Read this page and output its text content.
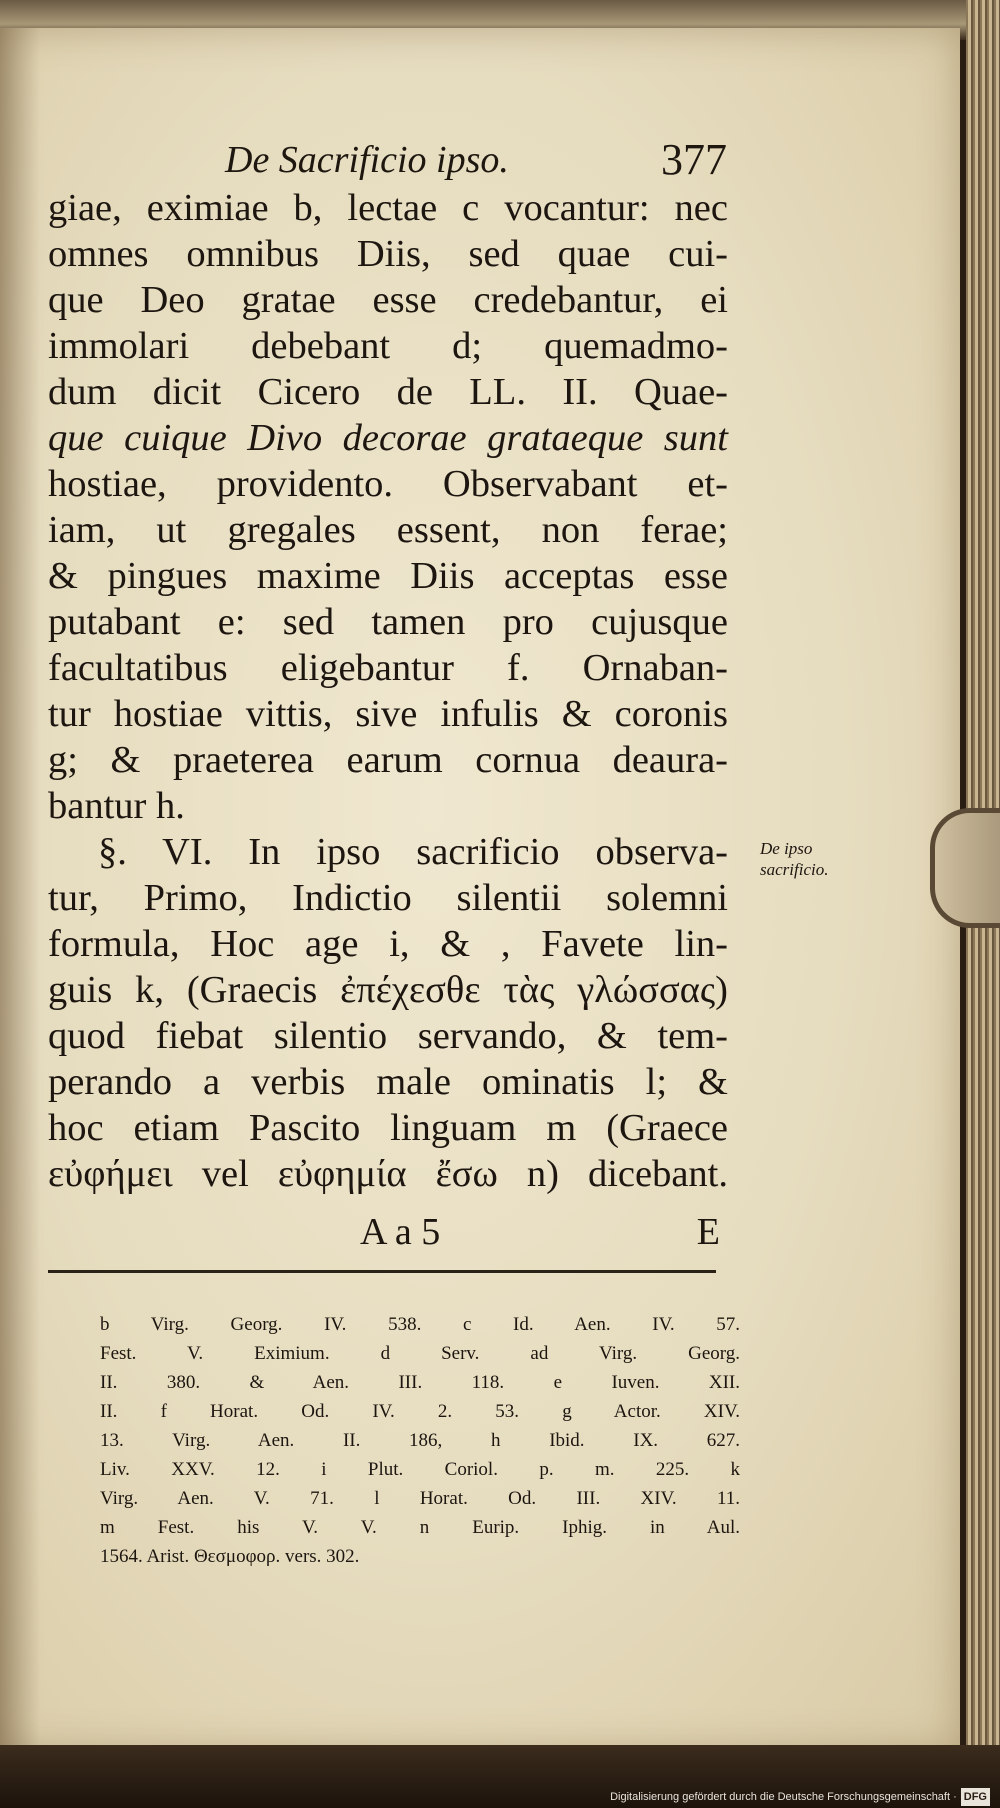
De Sacrificio ipso.	377
giae, eximiae b, lectae c vocantur: nec
omnes omnibus Diis, sed quae cui-
que Deo gratae esse credebantur, ei
immolari debebant d; quemadmo-
dum dicit Cicero de LL. II. Quae-
que cuique Divo decorae grataeque sunt
hostiae, providento. Observabant et-
iam, ut gregales essent, non ferae;
& pingues maxime Diis acceptas esse
putabant e: sed tamen pro cujusque
facultatibus eligebantur f. Ornaban-
tur hostiae vittis, sive infulis & coronis
g; & praeterea earum cornua deaura-
bantur h.
§. VI. In ipso sacrificio observa-
tur, Primo, Indictio silentii solemni
formula, Hoc age i, & , Favete lin-
guis k, (Graecis ἐπέχεσθε τὰς γλώσσας)
quod fiebat silentio servando, & tem-
perando a verbis male ominatis l; &
hoc etiam Pascito linguam m (Graece
εὐφήμει vel εὐφημία ἔσω n) dicebant.
De ipso sacrificio.
A a 5	E
b Virg. Georg. IV. 538. c Id. Aen. IV. 57.
Fest. V. Eximium. d Serv. ad Virg. Georg.
II. 380. & Aen. III. 118. e Iuven. XII.
II. f Horat. Od. IV. 2. 53. g Actor. XIV.
13. Virg. Aen. II. 186, h Ibid. IX. 627.
Liv. XXV. 12. i Plut. Coriol. p. m. 225. k
Virg. Aen. V. 71. l Horat. Od. III. XIV. 11.
m Fest. his V. V. n Eurip. Iphig. in Aul.
1564. Arist. Θεσμοφορ. vers. 302.
Digitalisierung gefördert durch die Deutsche Forschungsgemeinschaft · DFG
